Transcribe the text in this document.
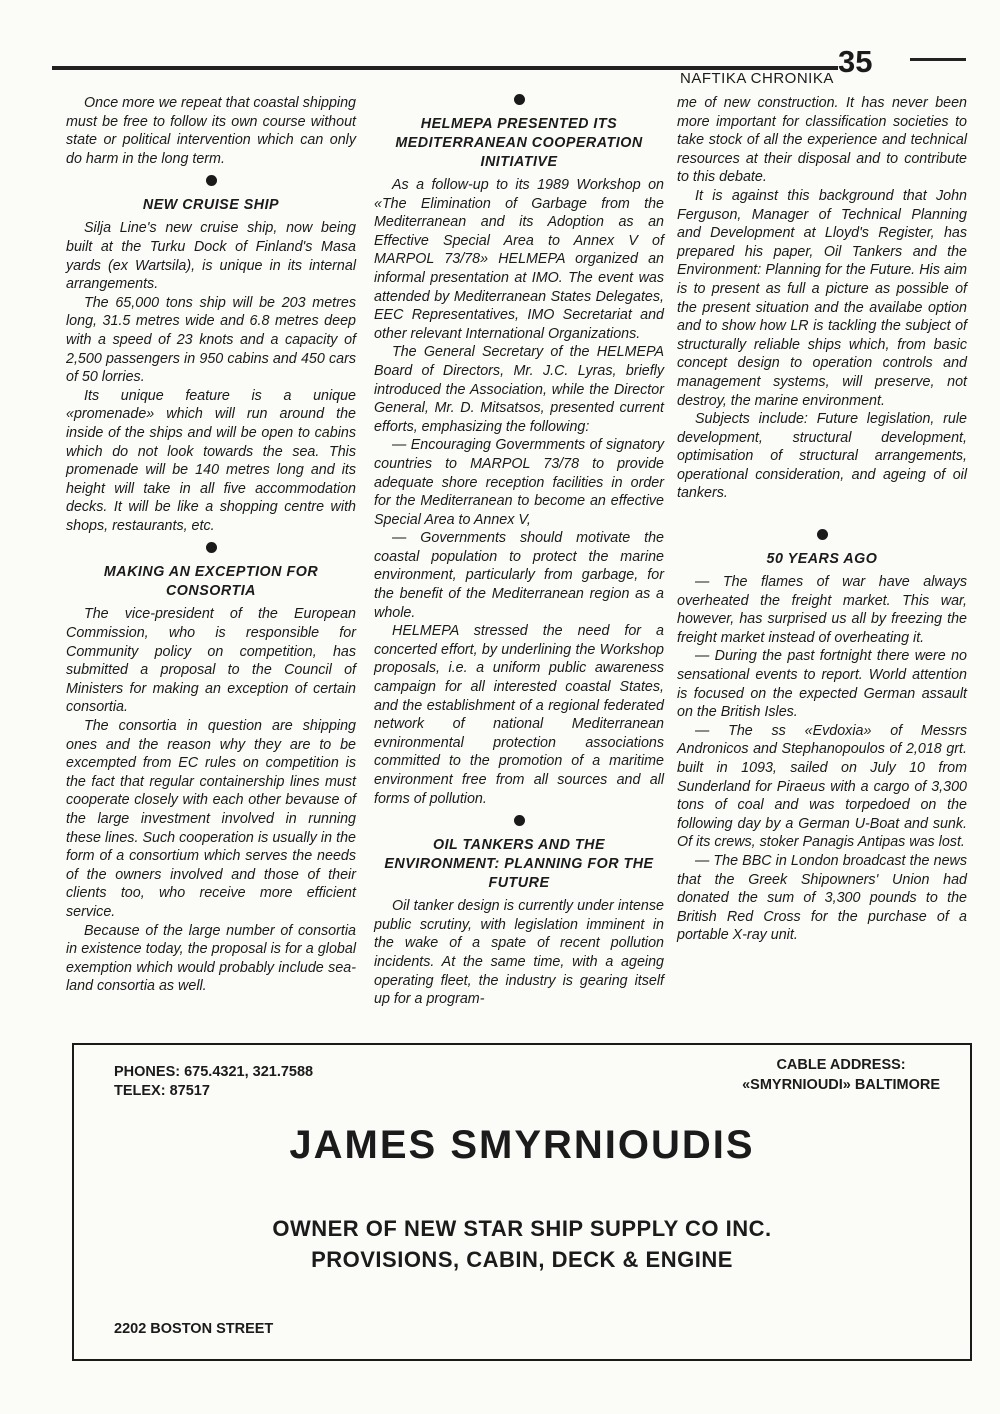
35
NAFTIKA CHRONIKA

Once more we repeat that coastal shipping must be free to follow its own course without state or political intervention which can only do harm in the long term.

NEW CRUISE SHIP

Silja Line's new cruise ship, now being built at the Turku Dock of Finland's Masa yards (ex Wartsila), is unique in its internal arrangements.

The 65,000 tons ship will be 203 metres long, 31.5 metres wide and 6.8 metres deep with a speed of 23 knots and a capacity of 2,500 passengers in 950 cabins and 450 cars of 50 lorries.

Its unique feature is a unique «promenade» which will run around the inside of the ships and will be open to cabins which do not look towards the sea. This promenade will be 140 metres long and its height will take in all five accommodation decks. It will be like a shopping centre with shops, restaurants, etc.

MAKING AN EXCEPTION FOR CONSORTIA

The vice-president of the European Commission, who is responsible for Community policy on competition, has submitted a proposal to the Council of Ministers for making an exception of certain consortia.

The consortia in question are shipping ones and the reason why they are to be excempted from EC rules on competition is the fact that regular containership lines must cooperate closely with each other bevause of the large investment involved in running these lines. Such cooperation is usually in the form of a consortium which serves the needs of the owners involved and those of their clients too, who receive more efficient service.

Because of the large number of consortia in existence today, the proposal is for a global exemption which would probably include sea-land consortia as well.

HELMEPA PRESENTED ITS MEDITERRANEAN COOPERATION INITIATIVE

As a follow-up to its 1989 Workshop on «The Elimination of Garbage from the Mediterranean and its Adoption as an Effective Special Area to Annex V of MARPOL 73/78» HELMEPA organized an informal presentation at IMO. The event was attended by Mediterranean States Delegates, EEC Representatives, IMO Secretariat and other relevant International Organizations.

The General Secretary of the HELMEPA Board of Directors, Mr. J.C. Lyras, briefly introduced the Association, while the Director General, Mr. D. Mitsatsos, presented current efforts, emphasizing the following:

— Encouraging Govermments of signatory countries to MARPOL 73/78 to provide adequate shore reception facilities in order for the Mediterranean to become an effective Special Area to Annex V,

— Governments should motivate the coastal population to protect the marine environment, particularly from garbage, for the benefit of the Mediterranean region as a whole.

HELMEPA stressed the need for a concerted effort, by underlining the Workshop proposals, i.e. a uniform public awareness campaign for all interested coastal States, and the establishment of a regional federated network of national Mediterranean evnironmental protection associations committed to the promotion of a maritime environment free from all sources and all forms of pollution.

OIL TANKERS AND THE ENVIRONMENT: PLANNING FOR THE FUTURE

Oil tanker design is currently under intense public scrutiny, with legislation imminent in the wake of a spate of recent pollution incidents. At the same time, with a ageing operating fleet, the industry is gearing itself up for a program-

me of new construction. It has never been more important for classification societies to take stock of all the experience and technical resources at their disposal and to contribute to this debate.

It is against this background that John Ferguson, Manager of Technical Planning and Development at Lloyd's Register, has prepared his paper, Oil Tankers and the Environment: Planning for the Future. His aim is to present as full a picture as possible of the present situation and the availabe option and to show how LR is tackling the subject of structurally reliable ships which, from basic concept design to operation controls and management systems, will preserve, not destroy, the marine environment.

Subjects include: Future legislation, rule development, structural development, optimisation of structural arrangements, operational consideration, and ageing of oil tankers.

50 YEARS AGO

— The flames of war have always overheated the freight market. This war, however, has surprised us all by freezing the freight market instead of overheating it.

— During the past fortnight there were no sensational events to report. World attention is focused on the expected German assault on the British Isles.

— The ss «Evdoxia» of Messrs Andronicos and Stephanopoulos of 2,018 grt. built in 1093, sailed on July 10 from Sunderland for Piraeus with a cargo of 3,300 tons of coal and was torpedoed on the following day by a German U-Boat and sunk. Of its crews, stoker Panagis Antipas was lost.

— The BBC in London broadcast the news that the Greek Shipowners' Union had donated the sum of 3,300 pounds to the British Red Cross for the purchase of a portable X-ray unit.

PHONES: 675.4321, 321.7588
TELEX: 87517
CABLE ADDRESS:
«SMYRNIOUDI» BALTIMORE
JAMES SMYRNIOUDIS
OWNER OF NEW STAR SHIP SUPPLY CO INC.
PROVISIONS, CABIN, DECK & ENGINE
2202 BOSTON STREET
